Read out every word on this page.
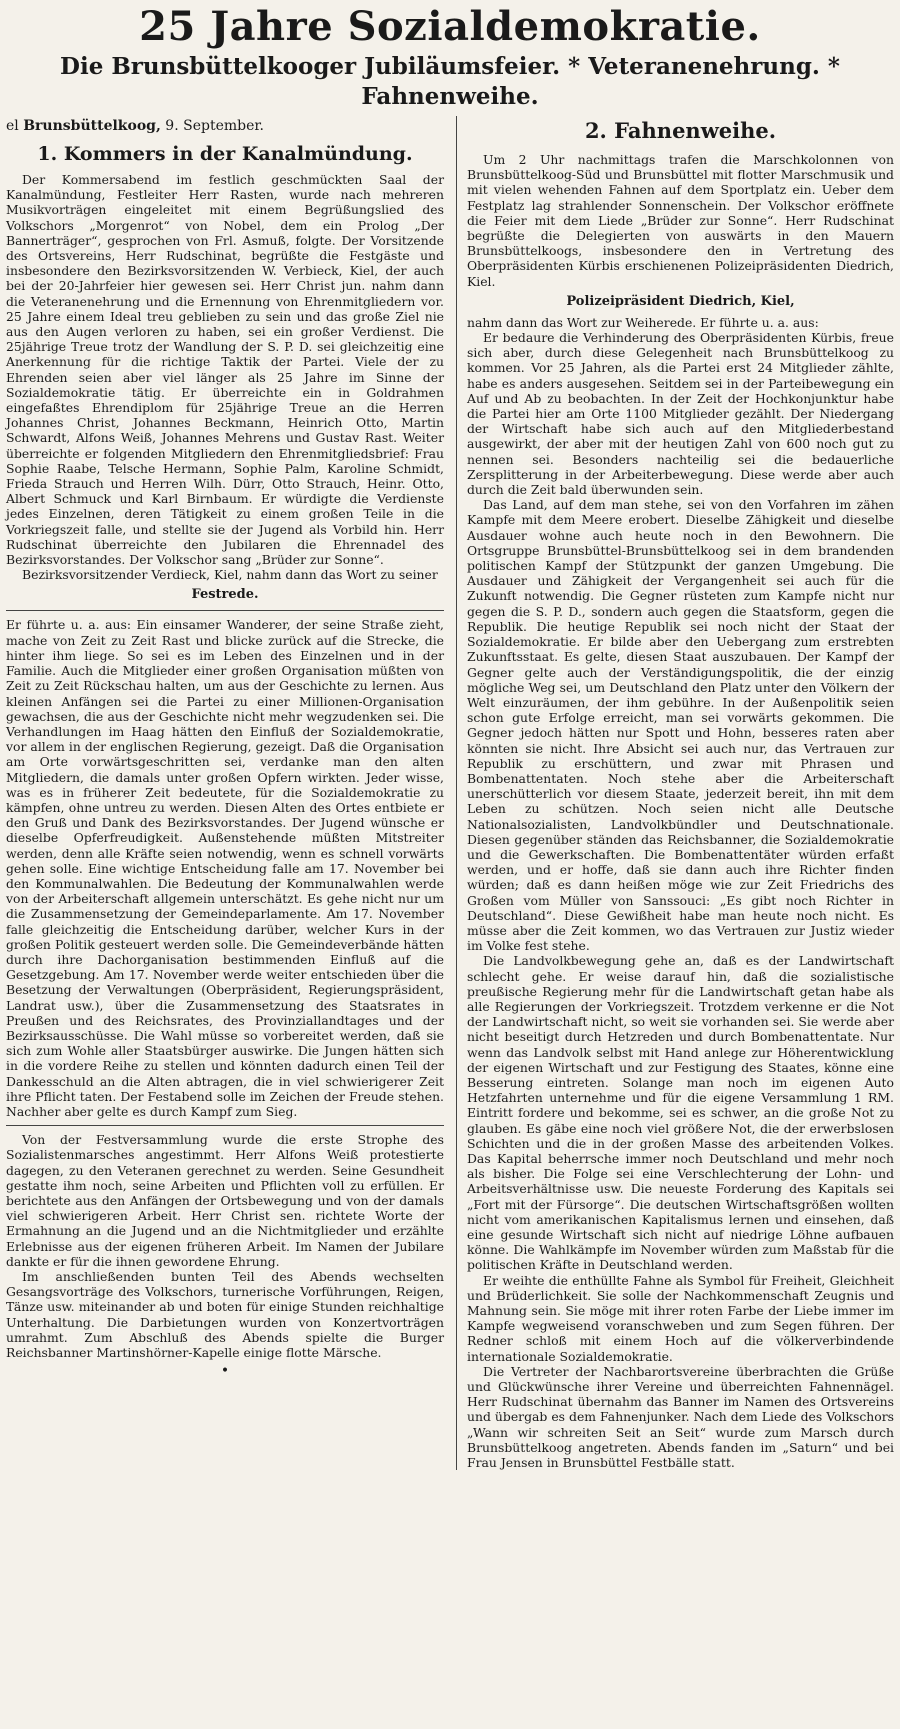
25 Jahre Sozialdemokratie.
Die Brunsbüttelkooger Jubiläumsfeier. * Veteranenehrung. * Fahnenweihe.
el Brunsbüttelkoog, 9. September.
1. Kommers in der Kanalmündung.

Der Kommersabend im festlich geschmückten Saal der Kanalmündung, Festleiter Herr Rasten, wurde nach mehreren Musikvorträgen eingeleitet mit einem Begrüßungslied des Volkschors „Morgenrot“ von Nobel, dem ein Prolog „Der Bannerträger“, gesprochen von Frl. Asmuß, folgte. Der Vorsitzende des Ortsvereins, Herr Rudschinat, begrüßte die Festgäste und insbesondere den Bezirksvorsitzenden W. Verbieck, Kiel, der auch bei der 20-Jahrfeier hier gewesen sei. Herr Christ jun. nahm dann die Veteranenehrung und die Ernennung von Ehrenmitgliedern vor. 25 Jahre einem Ideal treu geblieben zu sein und das große Ziel nie aus den Augen verloren zu haben, sei ein großer Verdienst. Die 25jährige Treue trotz der Wandlung der S. P. D. sei gleichzeitig eine Anerkennung für die richtige Taktik der Partei. Viele der zu Ehrenden seien aber viel länger als 25 Jahre im Sinne der Sozialdemokratie tätig. Er überreichte ein in Goldrahmen eingefaßtes Ehrendiplom für 25jährige Treue an die Herren Johannes Christ, Johannes Beckmann, Heinrich Otto, Martin Schwardt, Alfons Weiß, Johannes Mehrens und Gustav Rast. Weiter überreichte er folgenden Mitgliedern den Ehrenmitgliedsbrief: Frau Sophie Raabe, Telsche Hermann, Sophie Palm, Karoline Schmidt, Frieda Strauch und Herren Wilh. Dürr, Otto Strauch, Heinr. Otto, Albert Schmuck und Karl Birnbaum. Er würdigte die Verdienste jedes Einzelnen, deren Tätigkeit zu einem großen Teile in die Vorkriegszeit falle, und stellte sie der Jugend als Vorbild hin. Herr Rudschinat überreichte den Jubilaren die Ehrennadel des Bezirksvorstandes. Der Volkschor sang „Brüder zur Sonne“.

Bezirksvorsitzender Verdieck, Kiel, nahm dann das Wort zu seiner

Festrede.

Er führte u. a. aus: Ein einsamer Wanderer, der seine Straße zieht, mache von Zeit zu Zeit Rast und blicke zurück auf die Strecke, die hinter ihm liege. So sei es im Leben des Einzelnen und in der Familie. Auch die Mitglieder einer großen Organisation müßten von Zeit zu Zeit Rückschau halten, um aus der Geschichte zu lernen. Aus kleinen Anfängen sei die Partei zu einer Millionen-Organisation gewachsen, die aus der Geschichte nicht mehr wegzudenken sei. Die Verhandlungen im Haag hätten den Einfluß der Sozialdemokratie, vor allem in der englischen Regierung, gezeigt. Daß die Organisation am Orte vorwärtsgeschritten sei, verdanke man den alten Mitgliedern, die damals unter großen Opfern wirkten. Jeder wisse, was es in früherer Zeit bedeutete, für die Sozialdemokratie zu kämpfen, ohne untreu zu werden. Diesen Alten des Ortes entbiete er den Gruß und Dank des Bezirksvorstandes. Der Jugend wünsche er dieselbe Opferfreudigkeit. Außenstehende müßten Mitstreiter werden, denn alle Kräfte seien notwendig, wenn es schnell vorwärts gehen solle. Eine wichtige Entscheidung falle am 17. November bei den Kommunalwahlen. Die Bedeutung der Kommunalwahlen werde von der Arbeiterschaft allgemein unterschätzt. Es gehe nicht nur um die Zusammensetzung der Gemeindeparlamente. Am 17. November falle gleichzeitig die Entscheidung darüber, welcher Kurs in der großen Politik gesteuert werden solle. Die Gemeindeverbände hätten durch ihre Dachorganisation bestimmenden Einfluß auf die Gesetzgebung. Am 17. November werde weiter entschieden über die Besetzung der Verwaltungen (Oberpräsident, Regierungspräsident, Landrat usw.), über die Zusammensetzung des Staatsrates in Preußen und des Reichsrates, des Provinziallandtages und der Bezirksausschüsse. Die Wahl müsse so vorbereitet werden, daß sie sich zum Wohle aller Staatsbürger auswirke. Die Jungen hätten sich in die vordere Reihe zu stellen und könnten dadurch einen Teil der Dankesschuld an die Alten abtragen, die in viel schwierigerer Zeit ihre Pflicht taten. Der Festabend solle im Zeichen der Freude stehen. Nachher aber gelte es durch Kampf zum Sieg.

Von der Festversammlung wurde die erste Strophe des Sozialistenmarsches angestimmt. Herr Alfons Weiß protestierte dagegen, zu den Veteranen gerechnet zu werden. Seine Gesundheit gestatte ihm noch, seine Arbeiten und Pflichten voll zu erfüllen. Er berichtete aus den Anfängen der Ortsbewegung und von der damals viel schwierigeren Arbeit. Herr Christ sen. richtete Worte der Ermahnung an die Jugend und an die Nichtmitglieder und erzählte Erlebnisse aus der eigenen früheren Arbeit. Im Namen der Jubilare dankte er für die ihnen gewordene Ehrung.

Im anschließenden bunten Teil des Abends wechselten Gesangsvorträge des Volkschors, turnerische Vorführungen, Reigen, Tänze usw. miteinander ab und boten für einige Stunden reichhaltige Unterhaltung. Die Darbietungen wurden von Konzertvorträgen umrahmt. Zum Abschluß des Abends spielte die Burger Reichsbanner Martinshörner-Kapelle einige flotte Märsche.

•
2. Fahnenweihe.

Um 2 Uhr nachmittags trafen die Marschkolonnen von Brunsbüttelkoog-Süd und Brunsbüttel mit flotter Marschmusik und mit vielen wehenden Fahnen auf dem Sportplatz ein. Ueber dem Festplatz lag strahlender Sonnenschein. Der Volkschor eröffnete die Feier mit dem Liede „Brüder zur Sonne“. Herr Rudschinat begrüßte die Delegierten von auswärts in den Mauern Brunsbüttelkoogs, insbesondere den in Vertretung des Oberpräsidenten Kürbis erschienenen Polizeipräsidenten Diedrich, Kiel.

Polizeipräsident Diedrich, Kiel,

nahm dann das Wort zur Weiherede. Er führte u. a. aus:

Er bedaure die Verhinderung des Oberpräsidenten Kürbis, freue sich aber, durch diese Gelegenheit nach Brunsbüttelkoog zu kommen. Vor 25 Jahren, als die Partei erst 24 Mitglieder zählte, habe es anders ausgesehen. Seitdem sei in der Parteibewegung ein Auf und Ab zu beobachten. In der Zeit der Hochkonjunktur habe die Partei hier am Orte 1100 Mitglieder gezählt. Der Niedergang der Wirtschaft habe sich auch auf den Mitgliederbestand ausgewirkt, der aber mit der heutigen Zahl von 600 noch gut zu nennen sei. Besonders nachteilig sei die bedauerliche Zersplitterung in der Arbeiterbewegung. Diese werde aber auch durch die Zeit bald überwunden sein.

Das Land, auf dem man stehe, sei von den Vorfahren im zähen Kampfe mit dem Meere erobert. Dieselbe Zähigkeit und dieselbe Ausdauer wohne auch heute noch in den Bewohnern. Die Ortsgruppe Brunsbüttel-Brunsbüttelkoog sei in dem brandenden politischen Kampf der Stützpunkt der ganzen Umgebung. Die Ausdauer und Zähigkeit der Vergangenheit sei auch für die Zukunft notwendig. Die Gegner rüsteten zum Kampfe nicht nur gegen die S. P. D., sondern auch gegen die Staatsform, gegen die Republik. Die heutige Republik sei noch nicht der Staat der Sozialdemokratie. Er bilde aber den Uebergang zum erstrebten Zukunftsstaat. Es gelte, diesen Staat auszubauen. Der Kampf der Gegner gelte auch der Verständigungspolitik, die der einzig mögliche Weg sei, um Deutschland den Platz unter den Völkern der Welt einzuräumen, der ihm gebühre. In der Außenpolitik seien schon gute Erfolge erreicht, man sei vorwärts gekommen. Die Gegner jedoch hätten nur Spott und Hohn, besseres raten aber könnten sie nicht. Ihre Absicht sei auch nur, das Vertrauen zur Republik zu erschüttern, und zwar mit Phrasen und Bombenattentaten. Noch stehe aber die Arbeiterschaft unerschütterlich vor diesem Staate, jederzeit bereit, ihn mit dem Leben zu schützen. Noch seien nicht alle Deutsche Nationalsozialisten, Landvolkbündler und Deutschnationale. Diesen gegenüber ständen das Reichsbanner, die Sozialdemokratie und die Gewerkschaften. Die Bombenattentäter würden erfaßt werden, und er hoffe, daß sie dann auch ihre Richter finden würden; daß es dann heißen möge wie zur Zeit Friedrichs des Großen vom Müller von Sanssouci: „Es gibt noch Richter in Deutschland“. Diese Gewißheit habe man heute noch nicht. Es müsse aber die Zeit kommen, wo das Vertrauen zur Justiz wieder im Volke fest stehe.

Die Landvolkbewegung gehe an, daß es der Landwirtschaft schlecht gehe. Er weise darauf hin, daß die sozialistische preußische Regierung mehr für die Landwirtschaft getan habe als alle Regierungen der Vorkriegszeit. Trotzdem verkenne er die Not der Landwirtschaft nicht, so weit sie vorhanden sei. Sie werde aber nicht beseitigt durch Hetzreden und durch Bombenattentate. Nur wenn das Landvolk selbst mit Hand anlege zur Höherentwicklung der eigenen Wirtschaft und zur Festigung des Staates, könne eine Besserung eintreten. Solange man noch im eigenen Auto Hetzfahrten unternehme und für die eigene Versammlung 1 RM. Eintritt fordere und bekomme, sei es schwer, an die große Not zu glauben. Es gäbe eine noch viel größere Not, die der erwerbslosen Schichten und die in der großen Masse des arbeitenden Volkes. Das Kapital beherrsche immer noch Deutschland und mehr noch als bisher. Die Folge sei eine Verschlechterung der Lohn- und Arbeitsverhältnisse usw. Die neueste Forderung des Kapitals sei „Fort mit der Fürsorge“. Die deutschen Wirtschaftsgrößen wollten nicht vom amerikanischen Kapitalismus lernen und einsehen, daß eine gesunde Wirtschaft sich nicht auf niedrige Löhne aufbauen könne. Die Wahlkämpfe im November würden zum Maßstab für die politischen Kräfte in Deutschland werden.

Er weihte die enthüllte Fahne als Symbol für Freiheit, Gleichheit und Brüderlichkeit. Sie solle der Nachkommenschaft Zeugnis und Mahnung sein. Sie möge mit ihrer roten Farbe der Liebe immer im Kampfe wegweisend voranschweben und zum Segen führen. Der Redner schloß mit einem Hoch auf die völkerverbindende internationale Sozialdemokratie.

Die Vertreter der Nachbarortsvereine überbrachten die Grüße und Glückwünsche ihrer Vereine und überreichten Fahnennägel. Herr Rudschinat übernahm das Banner im Namen des Ortsvereins und übergab es dem Fahnenjunker. Nach dem Liede des Volkschors „Wann wir schreiten Seit an Seit“ wurde zum Marsch durch Brunsbüttelkoog angetreten. Abends fanden im „Saturn“ und bei Frau Jensen in Brunsbüttel Festbälle statt.
